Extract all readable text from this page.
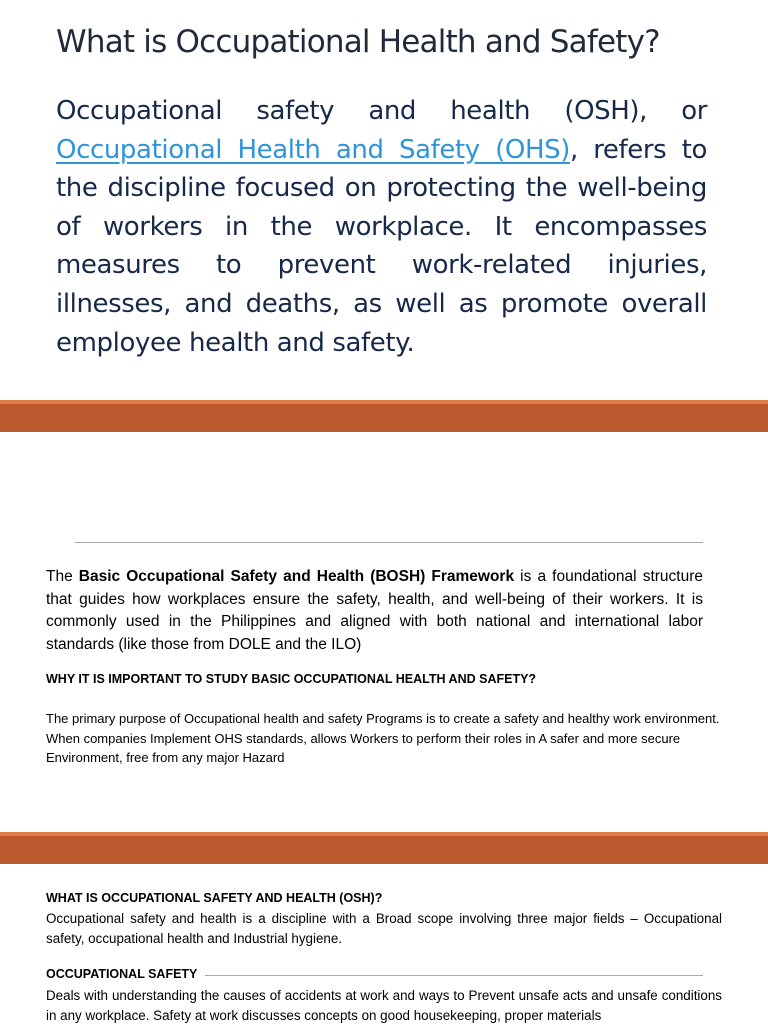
What is Occupational Health and Safety?

Occupational safety and health (OSH), or Occupational Health and Safety (OHS), refers to the discipline focused on protecting the well-being of workers in the workplace. It encompasses measures to prevent work-related injuries, illnesses, and deaths, as well as promote overall employee health and safety.

The Basic Occupational Safety and Health (BOSH) Framework is a foundational structure that guides how workplaces ensure the safety, health, and well-being of their workers. It is commonly used in the Philippines and aligned with both national and international labor standards (like those from DOLE and the ILO)

WHY IT IS IMPORTANT TO STUDY BASIC OCCUPATIONAL HEALTH AND SAFETY?

The primary purpose of Occupational health and safety Programs is to create a safety and healthy work environment. When companies Implement OHS standards, allows Workers to perform their roles in A safer and more secure Environment, free from any major Hazard

WHAT IS OCCUPATIONAL SAFETY AND HEALTH (OSH)?

Occupational safety and health is a discipline with a Broad scope involving three major fields – Occupational safety, occupational health and Industrial hygiene.

OCCUPATIONAL SAFETY

Deals with understanding the causes of accidents at work and ways to Prevent unsafe acts and unsafe conditions in any workplace. Safety at work discusses concepts on good housekeeping, proper materials
